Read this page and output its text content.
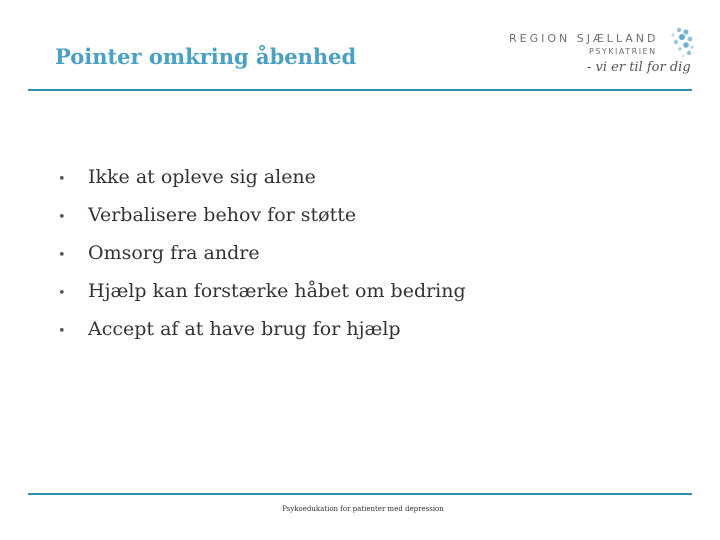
Pointer omkring åbenhed
REGION SJÆLLAND
PSYKIATRIEN
- vi er til for dig
•	Ikke at opleve sig alene
•	Verbalisere behov for støtte
•	Omsorg fra andre
•	Hjælp kan forstærke håbet om bedring
•	Accept af at have brug for hjælp
Psykoedukation for patienter med depression
